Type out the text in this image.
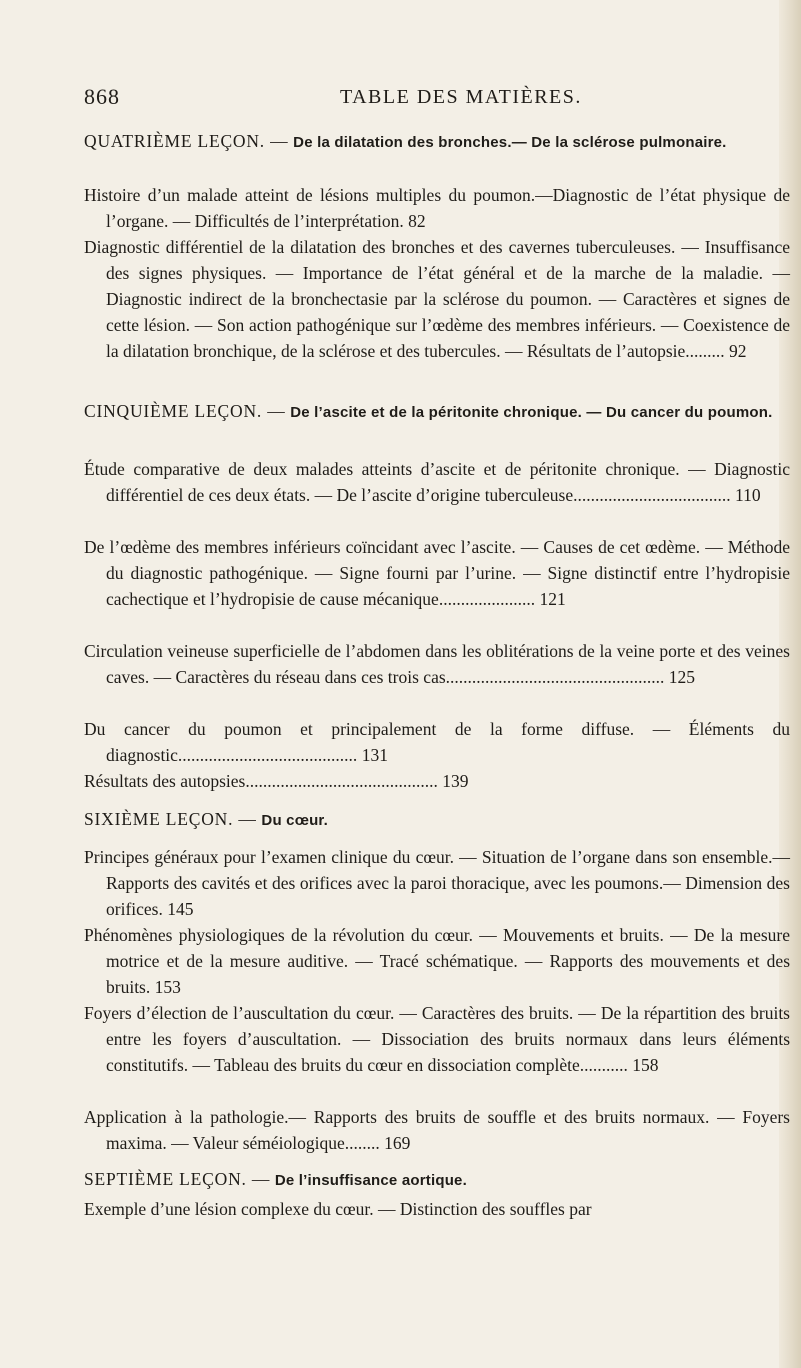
868	TABLE DES MATIÈRES.
QUATRIÈME LEÇON. — De la dilatation des bronches.— De la sclérose pulmonaire.
Histoire d’un malade atteint de lésions multiples du poumon.—Diagnostic de l’état physique de l’organe. — Difficultés de l’interprétation. 82
Diagnostic différentiel de la dilatation des bronches et des cavernes tuberculeuses. — Insuffisance des signes physiques. — Importance de l’état général et de la marche de la maladie. — Diagnostic indirect de la bronchectasie par la sclérose du poumon. — Caractères et signes de cette lésion. — Son action pathogénique sur l’œdème des membres inférieurs. — Coexistence de la dilatation bronchique, de la sclérose et des tubercules. — Résultats de l’autopsie......... 92
CINQUIÈME LEÇON. — De l’ascite et de la péritonite chronique. — Du cancer du poumon.
Étude comparative de deux malades atteints d’ascite et de péritonite chronique. — Diagnostic différentiel de ces deux états. — De l’ascite d’origine tuberculeuse.................................... 110
De l’œdème des membres inférieurs coïncidant avec l’ascite. — Causes de cet œdème. — Méthode du diagnostic pathogénique. — Signe fourni par l’urine. — Signe distinctif entre l’hydropisie cachectique et l’hydropisie de cause mécanique...................... 121
Circulation veineuse superficielle de l’abdomen dans les oblitérations de la veine porte et des veines caves. — Caractères du réseau dans ces trois cas.................................................. 125
Du cancer du poumon et principalement de la forme diffuse. — Éléments du diagnostic......................................... 131
Résultats des autopsies............................................ 139
SIXIÈME LEÇON. — Du cœur.
Principes généraux pour l’examen clinique du cœur. — Situation de l’organe dans son ensemble.— Rapports des cavités et des orifices avec la paroi thoracique, avec les poumons.— Dimension des orifices. 145
Phénomènes physiologiques de la révolution du cœur. — Mouvements et bruits. — De la mesure motrice et de la mesure auditive. — Tracé schématique. — Rapports des mouvements et des bruits. 153
Foyers d’élection de l’auscultation du cœur. — Caractères des bruits. — De la répartition des bruits entre les foyers d’auscultation. — Dissociation des bruits normaux dans leurs éléments constitutifs. — Tableau des bruits du cœur en dissociation complète........... 158
Application à la pathologie.— Rapports des bruits de souffle et des bruits normaux. — Foyers maxima. — Valeur séméiologique........ 169
SEPTIÈME LEÇON. — De l’insuffisance aortique.
Exemple d’une lésion complexe du cœur. — Distinction des souffles par
